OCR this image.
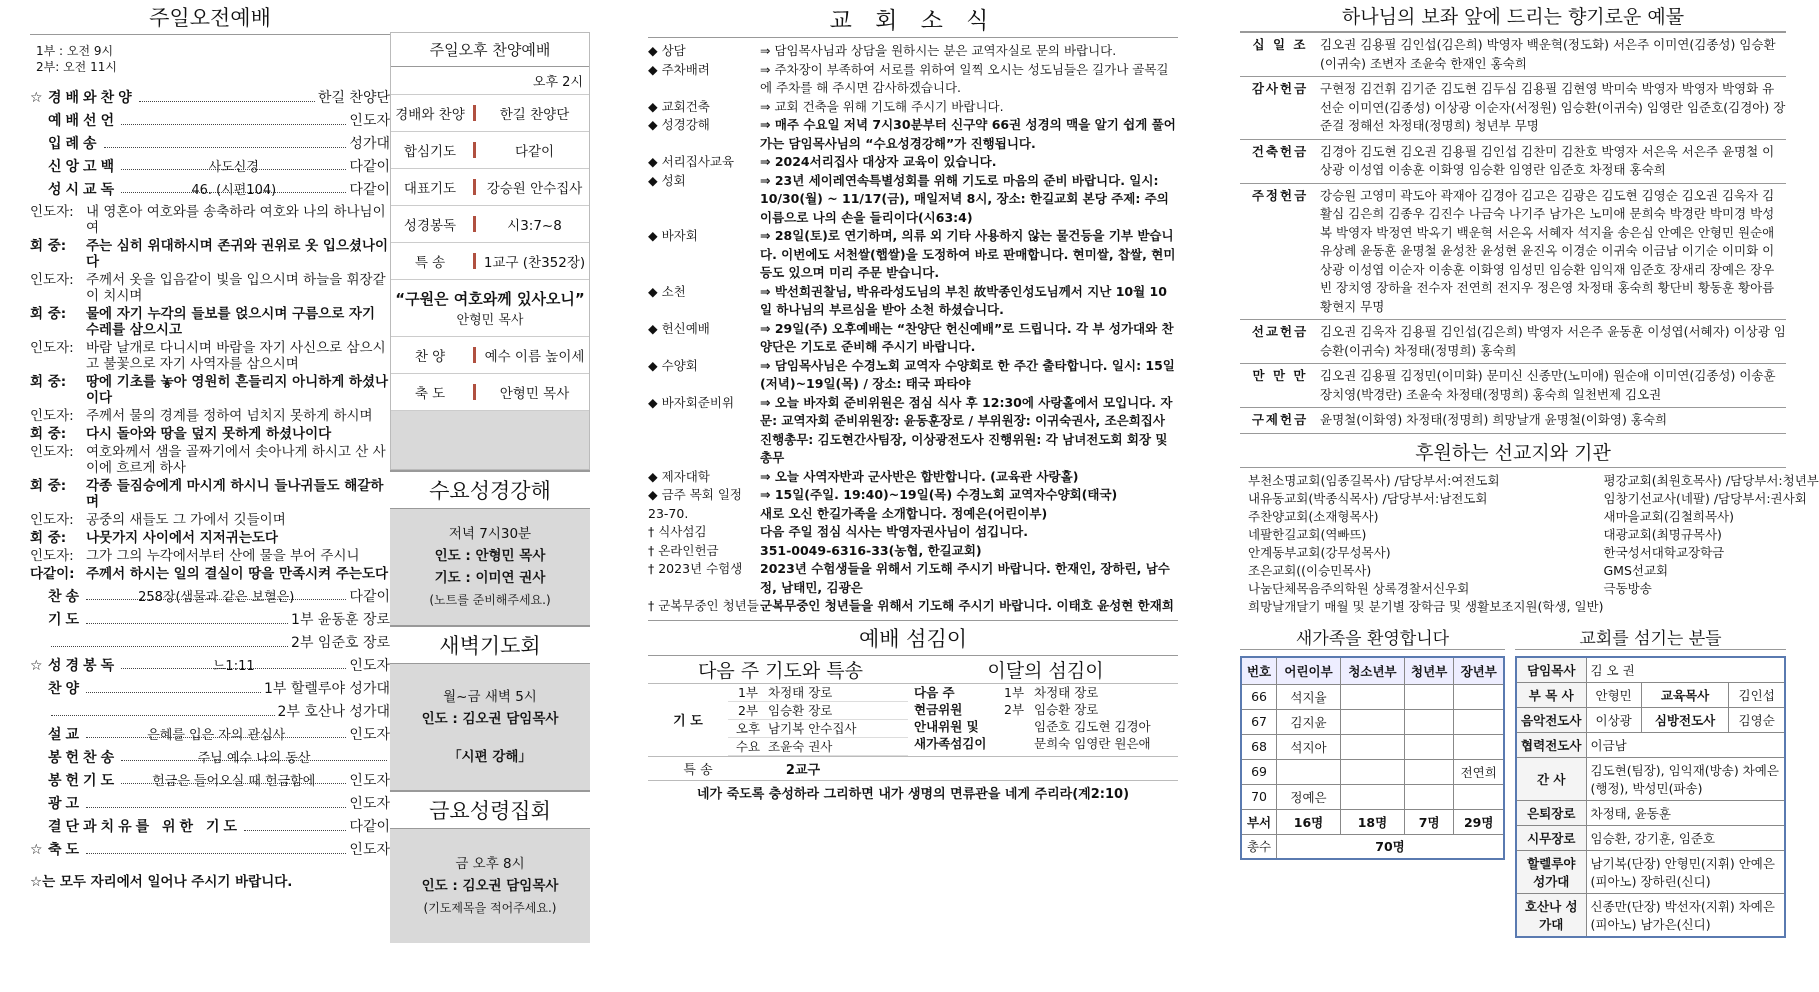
주일오전예배
1부 : 오전 9시
2부: 오전 11시
☆ 경배와찬양	한길 찬양단
예배선언	인도자
입례송	성가대
신앙고백	사도신경	다같이
성시교독	46. (시편104)	다같이
인도자: 내 영혼아 여호와를 송축하라 여호와 나의 하나님이여
회 중:	주는 심히 위대하시며 존귀와 권위로 옷 입으셨나이다
인도자: 주께서 옷을 입음같이 빛을 입으시며 하늘을 휘장같이 치시며
회 중:	물에 자기 누각의 들보를 얹으시며 구름으로 자기 수레를 삼으시고
인도자: 바람 날개로 다니시며 바람을 자기 사신으로 삼으시고 불꽃으로 자기 사역자를 삼으시며
회 중:	땅에 기초를 놓아 영원히 흔들리지 아니하게 하셨나이다
인도자: 주께서 물의 경계를 정하여 넘치지 못하게 하시며
회 중:	다시 돌아와 땅을 덮지 못하게 하셨나이다
인도자: 여호와께서 샘을 골짜기에서 솟아나게 하시고 산 사이에 흐르게 하사
회 중:	각종 들짐승에게 마시게 하시니 들나귀들도 해갈하며
인도자: 공중의 새들도 그 가에서 깃들이며
회 중:	나뭇가지 사이에서 지저귀는도다
인도자: 그가 그의 누각에서부터 산에 물을 부어 주시니
다같이: 주께서 하시는 일의 결실이 땅을 만족시켜 주는도다
찬송	258장(샘물과 같은 보혈은)	다같이
기도	1부 윤동훈 장로
2부 임준호 장로
☆ 성경봉독	느1:11	인도자
찬양	1부 할렐루야 성가대
2부 호산나 성가대
설교	은혜를 입은 자의 관심사	인도자
봉헌찬송	주님 예수 나의 동산
봉헌기도	헌금은 들어오실 때 헌금함에	인도자
광고	인도자
결단과치유를 위한 기도	다같이
☆ 축도	인도자
☆는 모두 자리에서 일어나 주시기 바랍니다.
주일오후 찬양예배
오후 2시
경배와 찬양	한길 찬양단
합심기도	다같이
대표기도	강승원 안수집사
성경봉독	시3:7~8
특 송	1교구 (찬352장)
“구원은 여호와께 있사오니”
안형민 목사
찬 양	예수 이름 높이세
축 도	안형민 목사
수요성경강해
저녁 7시30분
인도 : 안형민 목사
기도 : 이미연 권사
(노트를 준비해주세요.)
새벽기도회
월~금 새벽 5시
인도 : 김오권 담임목사
「시편 강해」
금요성령집회
금 오후 8시
인도 : 김오권 담임목사
(기도제목을 적어주세요.)
교 회 소 식
◆ 상담	⇒ 담임목사님과 상담을 원하시는 분은 교역자실로 문의 바랍니다.
◆ 주차배려	⇒ 주차장이 부족하여 서로를 위하여 일찍 오시는 성도님들은 길가나 골목길에 주차를 해 주시면 감사하겠습니다.
◆ 교회건축	⇒ 교회 건축을 위해 기도해 주시기 바랍니다.
◆ 성경강해	⇒ 매주 수요일 저녁 7시30분부터 신구약 66권 성경의 맥을 알기 쉽게 풀어가는 담임목사님의 “수요성경강해”가 진행됩니다.
◆ 서리집사교육	⇒ 2024서리집사 대상자 교육이 있습니다.
◆ 성회	⇒ 23년 세이레연속특별성회를 위해 기도로 마음의 준비 바랍니다. 일시: 10/30(월) ~ 11/17(금), 매일저녁 8시, 장소: 한길교회 본당 주제: 주의 이름으로 나의 손을 들리이다(시63:4)
◆ 바자회	⇒ 28일(토)로 연기하며, 의류 외 기타 사용하지 않는 물건등을 기부 받습니다. 이번에도 서천쌀(햅쌀)을 도정하여 바로 판매합니다. 현미쌀, 찹쌀, 현미 등도 있으며 미리 주문 받습니다.
◆ 소천	⇒ 박선희권찰님, 박유라성도님의 부친 故박종인성도님께서 지난 10월 10일 하나님의 부르심을 받아 소천 하셨습니다.
◆ 헌신예배	⇒ 29일(주) 오후예배는 “찬양단 헌신예배”로 드립니다. 각 부 성가대와 찬양단은 기도로 준비해 주시기 바랍니다.
◆ 수양회	⇒ 담임목사님은 수경노회 교역자 수양회로 한 주간 출타합니다. 일시: 15일(저녁)~19일(목) / 장소: 태국 파타야
◆ 바자회준비위	⇒ 오늘 바자회 준비위원은 점심 식사 후 12:30에 사랑홀에서 모입니다. 자문: 교역자회 준비위원장: 윤동훈장로 / 부위원장: 이귀숙권사, 조은희집사 진행총무: 김도현간사팀장, 이상광전도사 진행위원: 각 남녀전도회 회장 및 총무
◆ 제자대학	⇒ 오늘 사역자반과 군사반은 합반합니다. (교육관 사랑홀)
◆ 금주 목회 일정	⇒ 15일(주일. 19:40)~19일(목) 수경노회 교역자수양회(태국)
23-70.	새로 오신 한길가족을 소개합니다. 정예은(어린이부)
† 식사섬김	다음 주일 점심 식사는 박영자권사님이 섬깁니다.
† 온라인헌금	351-0049-6316-33(농협, 한길교회)
† 2023년 수험생	2023년 수험생들을 위해서 기도해 주시기 바랍니다. 한재인, 장하린, 남수정, 남태민, 김광은
† 군복무중인 청년들 군복무중인 청년들을 위해서 기도해 주시기 바랍니다. 이태호 윤성현 한재희
예배 섬김이
다음 주 기도와 특송	이달의 섬김이
기 도
1부 차정태 장로
2부 임승환 장로
오후 남기복 안수집사
수요 조윤숙 권사
다음 주	1부 차정태 장로
현금위원	2부 임승환 장로
안내위원 및	임준호 김도현 김경아
새가족섬김이	문희숙 임영란 원은애
특 송	2교구
네가 죽도록 충성하라 그리하면 내가 생명의 면류관을 네게 주리라(계2:10)
하나님의 보좌 앞에 드리는 향기로운 예물
십 일 조	김오권 김용필 김인섭(김은희) 박영자 백운혁(정도화) 서은주 이미연(김종성) 임승환(이귀숙) 조변자 조윤숙 한재인 홍숙희
감사헌금 구현정 김건휘 김기준 김도현 김두심 김용필 김현영 박미숙 박영자 박영자 박영화 유선순 이미연(김종성) 이상광 이순자(서정원) 임승환(이귀숙) 임영란 임준호(김경아) 장준걸 정해선 차정태(정명희) 청년부 무명
건축헌금 김경아 김도현 김오권 김용필 김인섭 김찬미 김찬호 박영자 서은욱 서은주 윤명철 이상광 이성엽 이송훈 이화영 임승환 임영란 임준호 차정태 홍숙희
주정헌금 강승원 고영미 곽도아 곽재아 김경아 김고은 김광은 김도현 김영순 김오권 김욱자 김활심 김은희 김종우 김진수 나금숙 나기주 남가은 노미애 문희숙 박경란 박미경 박성복 박영자 박정연 박옥기 백운혁 서은옥 서혜자 석지율 송은심 안예은 안형민 원순애 유상례 윤동훈 윤명철 윤성찬 윤성현 윤진옥 이경순 이귀숙 이금남 이기순 이미화 이상광 이성엽 이순자 이송훈 이화영 임성민 임승환 임익재 임준호 장새리 장예은 장우빈 장치영 장하율 전수자 전연희 전지우 정은영 차정태 홍숙희 황단비 황동훈 황아름 황현지 무명
선교헌금 김오권 김욱자 김용필 김인섭(김은희) 박영자 서은주 윤동훈 이성엽(서혜자) 이상광 임승환(이귀숙) 차정태(정명희) 홍숙희
만 만 만	김오권 김용필 김정민(이미화) 문미신 신종만(노미애) 원순애 이미연(김종성) 이송훈 장치영(박경란) 조윤숙 차정태(정명희) 홍숙희 일천번제 김오권
구제헌금 윤명철(이화영) 차정태(정명희) 희망날개 윤명철(이화영) 홍숙희
후원하는 선교지와 기관
부천소명교회(임종길목사) /담당부서:여전도회
내유동교회(박종식목사) /담당부서:남전도회
주찬양교회(소재형목사)
네팔한길교회(역빠뜨)
안계동부교회(강무성목사)
조은교회((이승민목사)
나눔단체목음주의학원 상록경찰서신우회
희망날개달기 매월 및 분기별 장학금 및 생활보조지원(학생, 일반)
평강교회(최원호목사) /담당부서:청년부
임창기선교사(네팔) /담당부서:권사회
새마을교회(김철희목사)
대광교회(최명규목사)
한국성서대학교장학금
GMS선교회
극동방송
새가족을 환영합니다
번호	어린이부	청소년부	청년부	장년부
66	석지율			
67	김지윤			
68	석지아			
69				전연희
70	정예은			
부서	16명	18명	7명	29명
총수	70명			
교회를 섬기는 분들
담임목사	김 오 권		
부 목 사	안형민	교육목사	김인섭
음악전도사	이상광	심방전도사	김영순
협력전도사	이금남		
간 사	김도현(팀장), 임익재(방송) 차예은(행정), 박성민(파송)		
은퇴장로	차정태, 윤동훈		
시무장로	임승환, 강기훈, 임준호		
할렐루야 성가대	남기복(단장) 안형민(지휘) 안예은(피아노) 장하린(신디)		
호산나 성가대	신종만(단장) 박선자(지휘) 차예은(피아노) 남가은(신디)		
